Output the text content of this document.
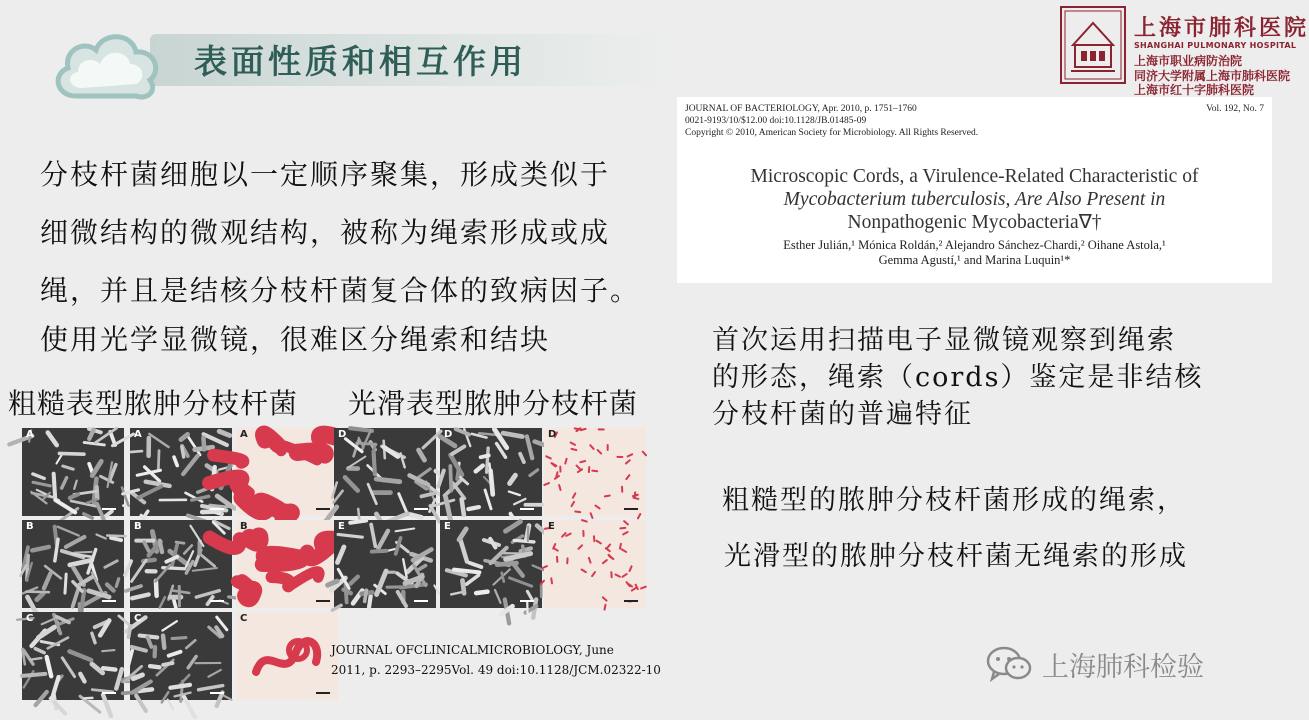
表面性质和相互作用
上海市肺科医院
SHANGHAI PULMONARY HOSPITAL
上海市职业病防治院
同济大学附属上海市肺科医院
上海市红十字肺科医院
分枝杆菌细胞以一定顺序聚集，形成类似于
细微结构的微观结构，被称为绳索形成或成
绳，并且是结核分枝杆菌复合体的致病因子。
使用光学显微镜，很难区分绳索和结块
粗糙表型脓肿分枝杆菌 光滑表型脓肿分枝杆菌
A	A	A	D	D	D
B	B	B	E	E	E
C	C	C
JOURNAL OFCLINICALMICROBIOLOGY, June
2011, p. 2293–2295Vol. 49 doi:10.1128/JCM.02322-10
JOURNAL OF BACTERIOLOGY, Apr. 2010, p. 1751–1760	Vol. 192, No. 7
0021-9193/10/$12.00 doi:10.1128/JB.01485-09
Copyright © 2010, American Society for Microbiology. All Rights Reserved.
Microscopic Cords, a Virulence-Related Characteristic of
Mycobacterium tuberculosis, Are Also Present in
Nonpathogenic Mycobacteria∇†
Esther Julián,¹ Mónica Roldán,² Alejandro Sánchez-Chardi,² Oihane Astola,¹
Gemma Agustí,¹ and Marina Luquin¹*
首次运用扫描电子显微镜观察到绳索
的形态，绳索（cords）鉴定是非结核
分枝杆菌的普遍特征
粗糙型的脓肿分枝杆菌形成的绳索，
光滑型的脓肿分枝杆菌无绳索的形成
上海肺科检验
